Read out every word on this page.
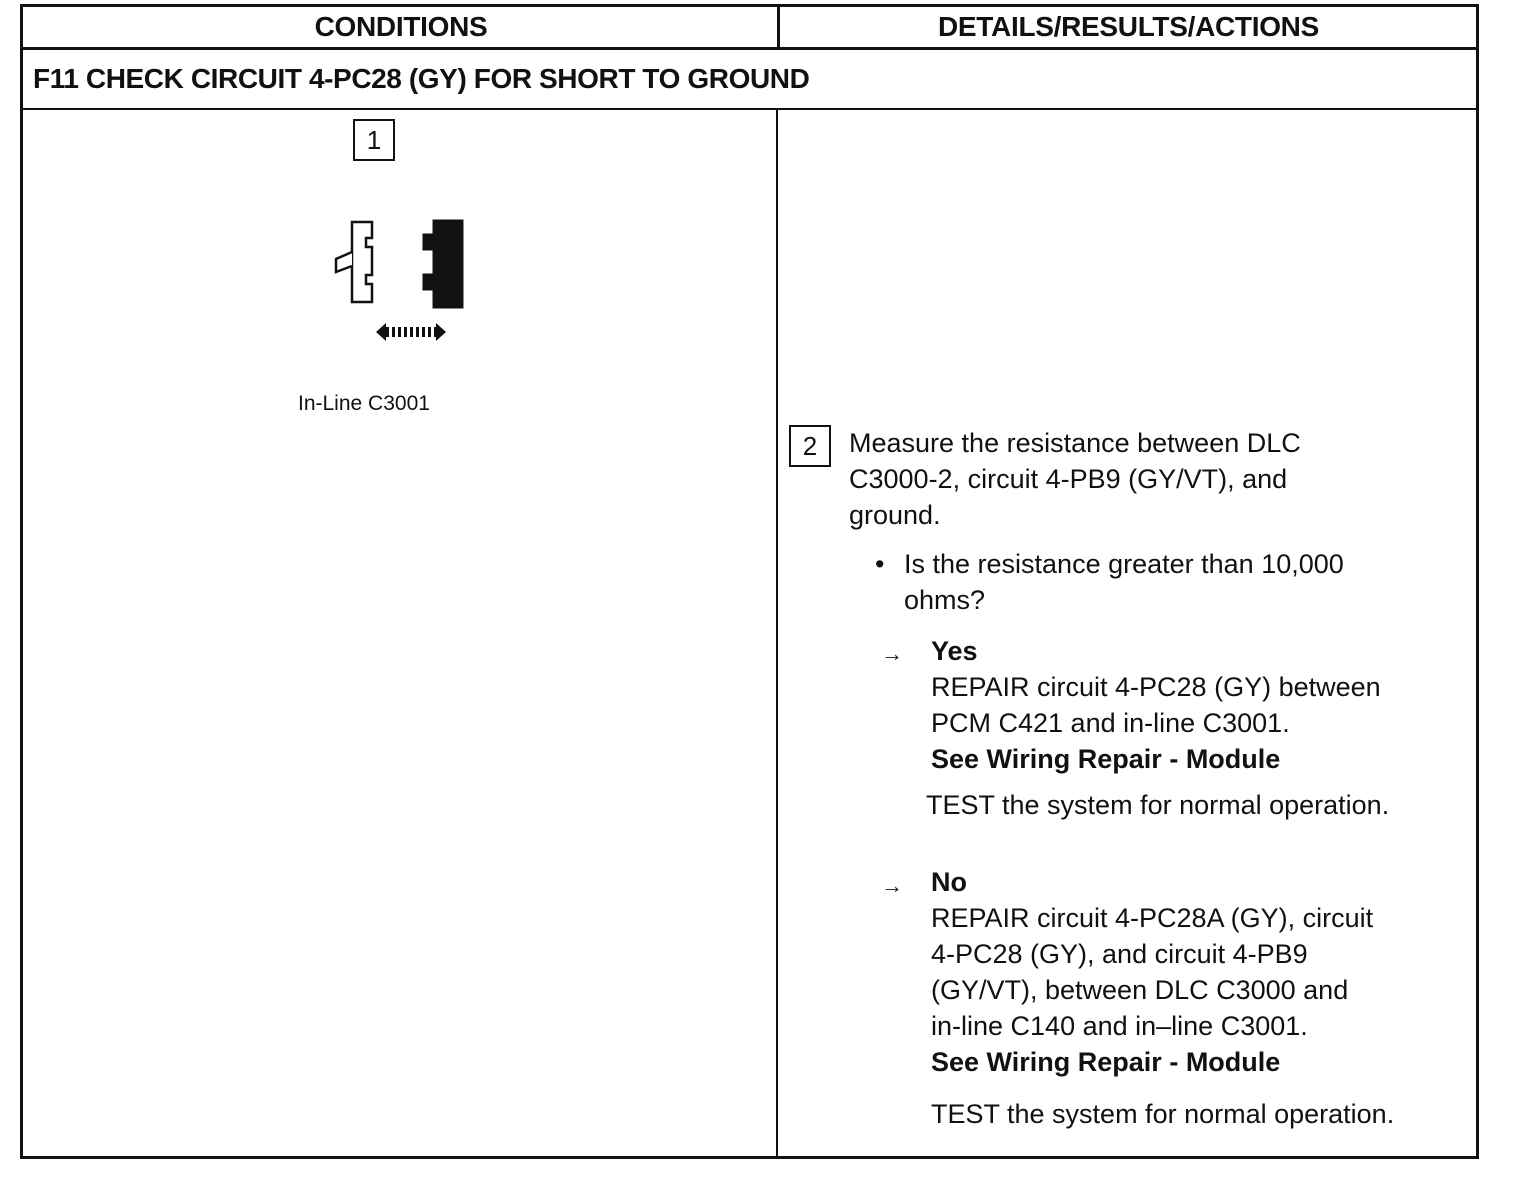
CONDITIONS	DETAILS/RESULTS/ACTIONS
F11 CHECK CIRCUIT 4-PC28 (GY) FOR SHORT TO GROUND
1
In-Line C3001
2	Measure the resistance between DLC
C3000-2, circuit 4-PB9 (GY/VT), and
ground.
• Is the resistance greater than 10,000
ohms?
→ Yes
REPAIR circuit 4-PC28 (GY) between
PCM C421 and in-line C3001.
See Wiring Repair - Module
TEST the system for normal operation.
→ No
REPAIR circuit 4-PC28A (GY), circuit
4-PC28 (GY), and circuit 4-PB9
(GY/VT), between DLC C3000 and
in-line C140 and in–line C3001.
See Wiring Repair - Module
TEST the system for normal operation.
